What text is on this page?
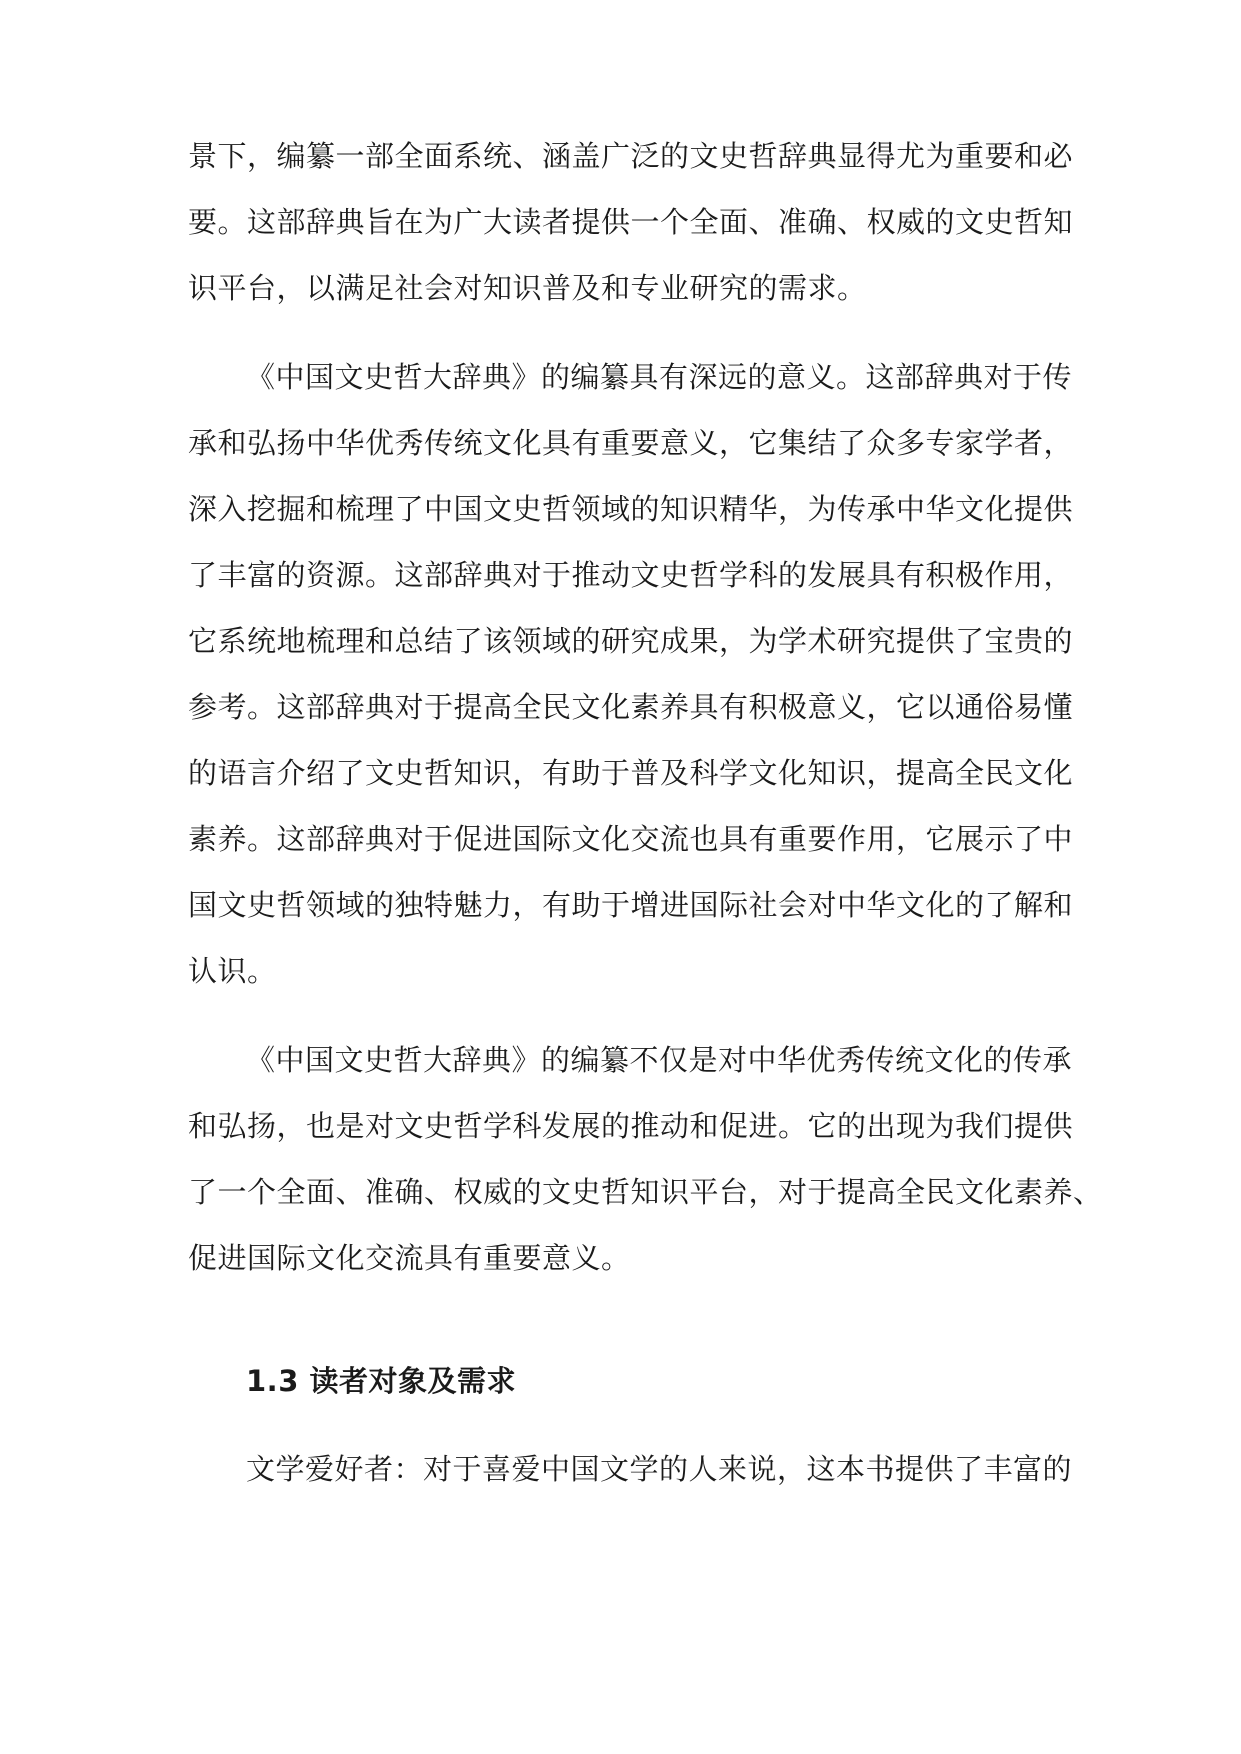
景下，编纂一部全面系统、涵盖广泛的文史哲辞典显得尤为重要和必
要。这部辞典旨在为广大读者提供一个全面、准确、权威的文史哲知
识平台，以满足社会对知识普及和专业研究的需求。
《中国文史哲大辞典》的编纂具有深远的意义。这部辞典对于传
承和弘扬中华优秀传统文化具有重要意义，它集结了众多专家学者，
深入挖掘和梳理了中国文史哲领域的知识精华，为传承中华文化提供
了丰富的资源。这部辞典对于推动文史哲学科的发展具有积极作用，
它系统地梳理和总结了该领域的研究成果，为学术研究提供了宝贵的
参考。这部辞典对于提高全民文化素养具有积极意义，它以通俗易懂
的语言介绍了文史哲知识，有助于普及科学文化知识，提高全民文化
素养。这部辞典对于促进国际文化交流也具有重要作用，它展示了中
国文史哲领域的独特魅力，有助于增进国际社会对中华文化的了解和
认识。
《中国文史哲大辞典》的编纂不仅是对中华优秀传统文化的传承
和弘扬，也是对文史哲学科发展的推动和促进。它的出现为我们提供
了一个全面、准确、权威的文史哲知识平台，对于提高全民文化素养、
促进国际文化交流具有重要意义。
1.3 读者对象及需求
文学爱好者：对于喜爱中国文学的人来说，这本书提供了丰富的
